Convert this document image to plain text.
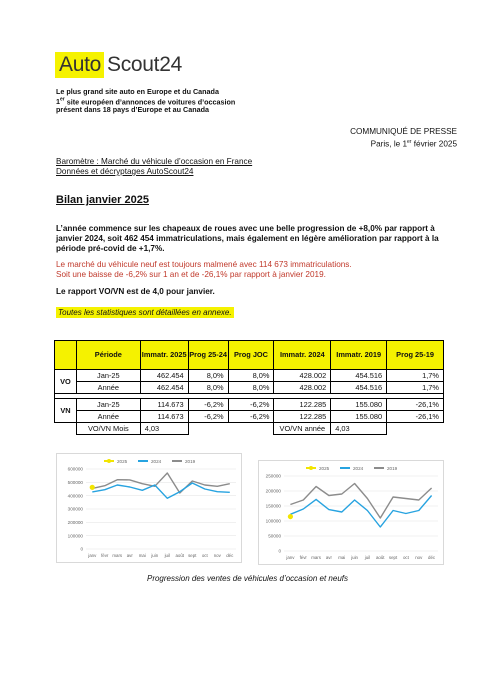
Auto Scout24
Le plus grand site auto en Europe et du Canada
1er site européen d’annonces de voitures d’occasion
présent dans 18 pays d’Europe et au Canada
COMMUNIQUÉ DE PRESSE
Paris, le 1er février 2025
Baromètre : Marché du véhicule d’occasion en France
Données et décryptages AutoScout24
Bilan janvier 2025
L’année commence sur les chapeaux de roues avec une belle progression de +8,0% par rapport à janvier 2024, soit 462 454 immatriculations, mais également en légère amélioration par rapport à la période pré-covid de +1,7%.
Le marché du véhicule neuf est toujours malmené avec 114 673 immatriculations.
Soit une baisse de -6,2% sur 1 an et de -26,1% par rapport à janvier 2019.
Le rapport VO/VN est de 4,0 pour janvier.
Toutes les statistiques sont détaillées en annexe.
	Période	Immatr. 2025	Prog 25-24	Prog JOC	Immatr. 2024	Immatr. 2019	Prog 25-19
VO	Jan-25	462.454	8,0%	8,0%	428.002	454.516	1,7%
	Année	462.454	8,0%	8,0%	428.002	454.516	1,7%

VN	Jan-25	114.673	-6,2%	-6,2%	122.285	155.080	-26,1%
	Année	114.673	-6,2%	-6,2%	122.285	155.080	-26,1%
	VO/VN Mois	4,03			VO/VN année	4,03	
2025	2024	2019
0
100000
200000
300000
400000
500000
600000
janv févr mars avr mai juin juil août sept oct nov déc
2025	2024	2019
0
50000
100000
150000
200000
250000
janv févr mars avr mai juin juil août sept oct nov déc
Progression des ventes de véhicules d’occasion et neufs
